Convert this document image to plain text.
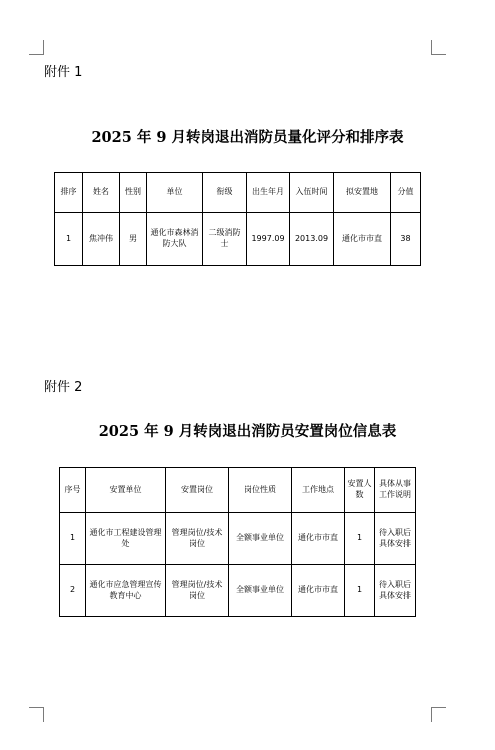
附件 1
2025 年 9 月转岗退出消防员量化评分和排序表
排序	姓名	性别	单位	衔级	出生年月	入伍时间	拟安置地	分值
1	焦冲伟	男	通化市森林消防大队	二级消防士	1997.09	2013.09	通化市市直	38
附件 2
2025 年 9 月转岗退出消防员安置岗位信息表
序号	安置单位	安置岗位	岗位性质	工作地点	安置人数	具体从事工作说明
1	通化市工程建设管理处	管理岗位/技术岗位	全额事业单位	通化市市直	1	待入职后具体安排
2	通化市应急管理宣传教育中心	管理岗位/技术岗位	全额事业单位	通化市市直	1	待入职后具体安排
